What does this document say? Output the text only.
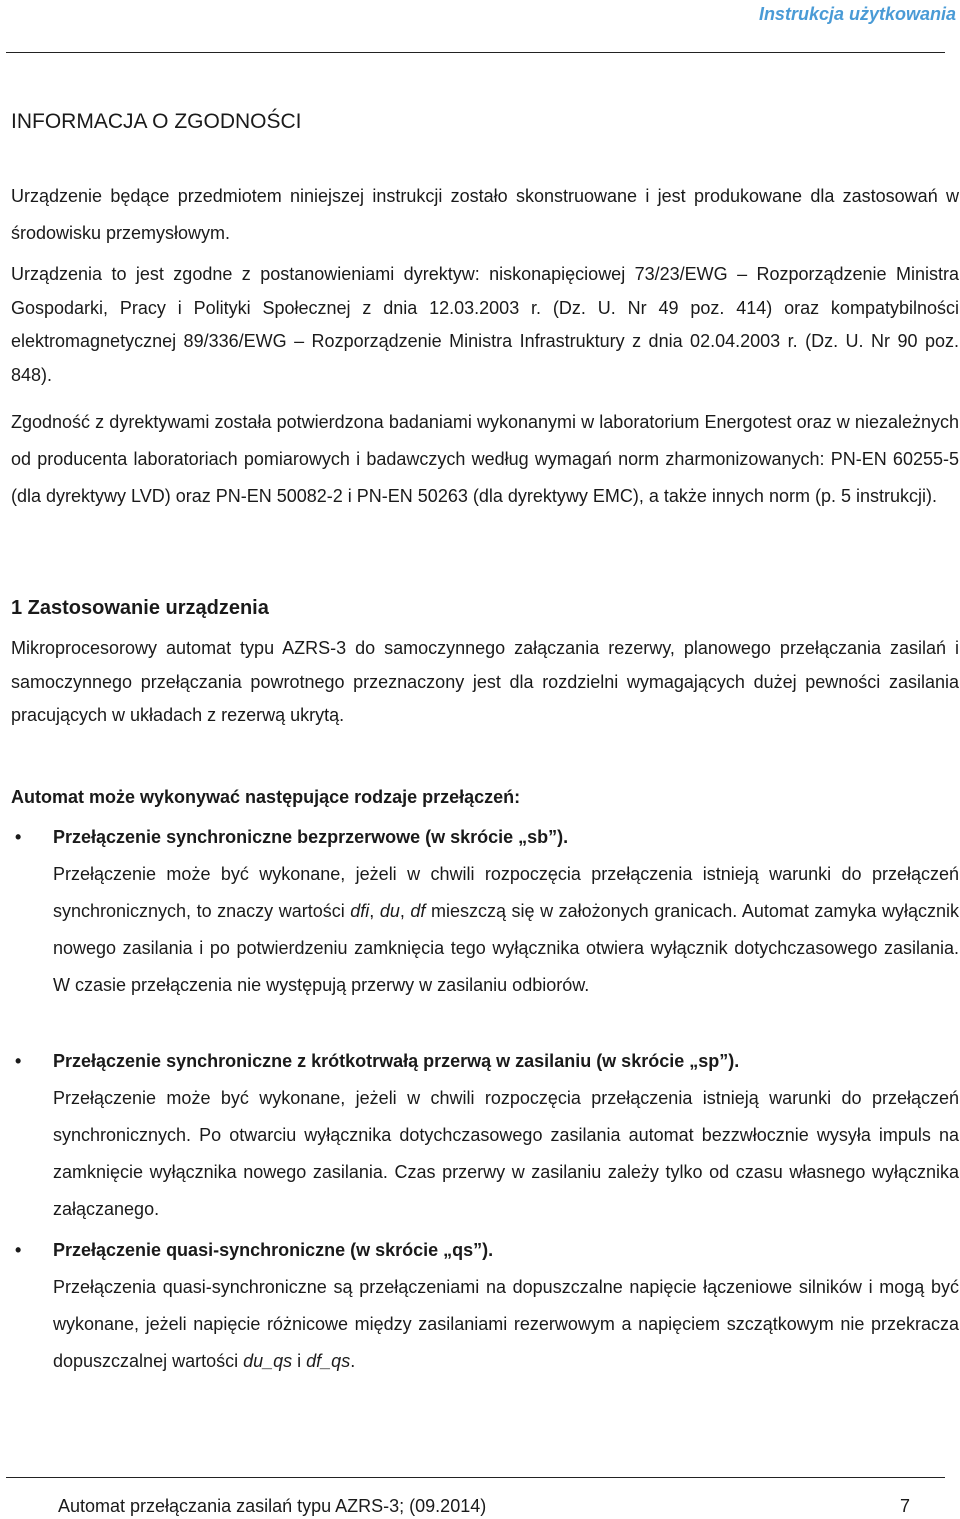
Instrukcja użytkowania
INFORMACJA O ZGODNOŚCI
Urządzenie będące przedmiotem niniejszej instrukcji zostało skonstruowane i jest produkowane dla zastosowań w środowisku przemysłowym.
Urządzenia to jest zgodne z postanowieniami dyrektyw: niskonapięciowej 73/23/EWG – Rozporządzenie Ministra Gospodarki, Pracy i Polityki Społecznej z dnia 12.03.2003 r. (Dz. U. Nr 49 poz. 414) oraz kompatybilności elektromagnetycznej 89/336/EWG – Rozporządzenie Ministra Infrastruktury z dnia 02.04.2003 r. (Dz. U. Nr 90 poz. 848).
Zgodność z dyrektywami została potwierdzona badaniami wykonanymi w laboratorium Energotest oraz w niezależnych od producenta laboratoriach pomiarowych i badawczych według wymagań norm zharmonizowanych: PN-EN 60255-5 (dla dyrektywy LVD) oraz PN-EN 50082-2 i PN-EN 50263 (dla dyrektywy EMC), a także innych norm (p. 5 instrukcji).
1 Zastosowanie urządzenia
Mikroprocesorowy automat typu AZRS-3 do samoczynnego załączania rezerwy, planowego przełączania zasilań i samoczynnego przełączania powrotnego przeznaczony jest dla rozdzielni wymagających dużej pewności zasilania pracujących w układach z rezerwą ukrytą.
Automat może wykonywać następujące rodzaje przełączeń:
• Przełączenie synchroniczne bezprzerwowe (w skrócie „sb”).
Przełączenie może być wykonane, jeżeli w chwili rozpoczęcia przełączenia istnieją warunki do przełączeń synchronicznych, to znaczy wartości dfi, du, df mieszczą się w założonych granicach. Automat zamyka wyłącznik nowego zasilania i po potwierdzeniu zamknięcia tego wyłącznika otwiera wyłącznik dotychczasowego zasilania. W czasie przełączenia nie występują przerwy w zasilaniu odbiorów.
• Przełączenie synchroniczne z krótkotrwałą przerwą w zasilaniu (w skrócie „sp”).
Przełączenie może być wykonane, jeżeli w chwili rozpoczęcia przełączenia istnieją warunki do przełączeń synchronicznych. Po otwarciu wyłącznika dotychczasowego zasilania automat bezzwłocznie wysyła impuls na zamknięcie wyłącznika nowego zasilania. Czas przerwy w zasilaniu zależy tylko od czasu własnego wyłącznika załączanego.
• Przełączenie quasi-synchroniczne (w skrócie „qs”).
Przełączenia quasi-synchroniczne są przełączeniami na dopuszczalne napięcie łączeniowe silników i mogą być wykonane, jeżeli napięcie różnicowe między zasilaniami rezerwowym a napięciem szczątkowym nie przekracza dopuszczalnej wartości du_qs i df_qs.
Automat przełączania zasilań typu AZRS-3; (09.2014)	7
